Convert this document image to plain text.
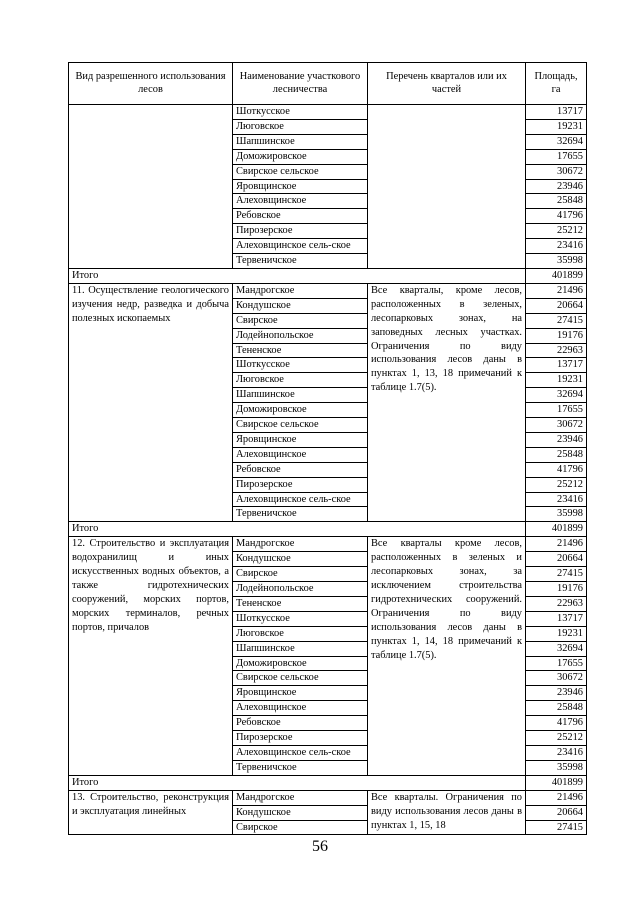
Вид разрешенного использования лесов	Наименование участкового лесничества	Перечень кварталов или их частей	Площадь, га
	Шоткусское		13717
	Люговское		19231
	Шапшинское		32694
	Доможировское		17655
	Свирское сельское		30672
	Яровщинское		23946
	Алеховщинское		25848
	Ребовское		41796
	Пирозерское		25212
	Алеховщинское сель-ское		23416
	Тервеничское		35998
Итого			401899
11. Осуществление геологического изучения недр, разведка и добыча полезных ископаемых	Мандрогское	Все кварталы, кроме лесов, расположенных в зеленых, лесопарковых зонах, на заповедных лесных участках. Ограничения по виду использования лесов даны в пунктах 1, 13, 18 примечаний к таблице 1.7(5).	21496
	Кондушское		20664
	Свирское		27415
	Лодейнопольское		19176
	Тененское		22963
	Шоткусское		13717
	Люговское		19231
	Шапшинское		32694
	Доможировское		17655
	Свирское сельское		30672
	Яровщинское		23946
	Алеховщинское		25848
	Ребовское		41796
	Пирозерское		25212
	Алеховщинское сель-ское		23416
	Тервеничское		35998
Итого			401899
12. Строительство и эксплуатация водохранилищ и иных искусственных водных объектов, а также гидротехнических сооружений, морских портов, морских терминалов, речных портов, причалов	Мандрогское	Все кварталы кроме лесов, расположенных в зеленых и лесопарковых зонах, за исключением строительства гидротехнических сооружений. Ограничения по виду использования лесов даны в пунктах 1, 14, 18 примечаний к таблице 1.7(5).	21496
	Кондушское		20664
	Свирское		27415
	Лодейнопольское		19176
	Тененское		22963
	Шоткусское		13717
	Люговское		19231
	Шапшинское		32694
	Доможировское		17655
	Свирское сельское		30672
	Яровщинское		23946
	Алеховщинское		25848
	Ребовское		41796
	Пирозерское		25212
	Алеховщинское сель-ское		23416
	Тервеничское		35998
Итого			401899
13. Строительство, реконструкция и эксплуатация линейных	Мандрогское	Все кварталы. Ограничения по виду использования лесов даны в пунктах 1, 15, 18	21496
	Кондушское		20664
	Свирское		27415
56
